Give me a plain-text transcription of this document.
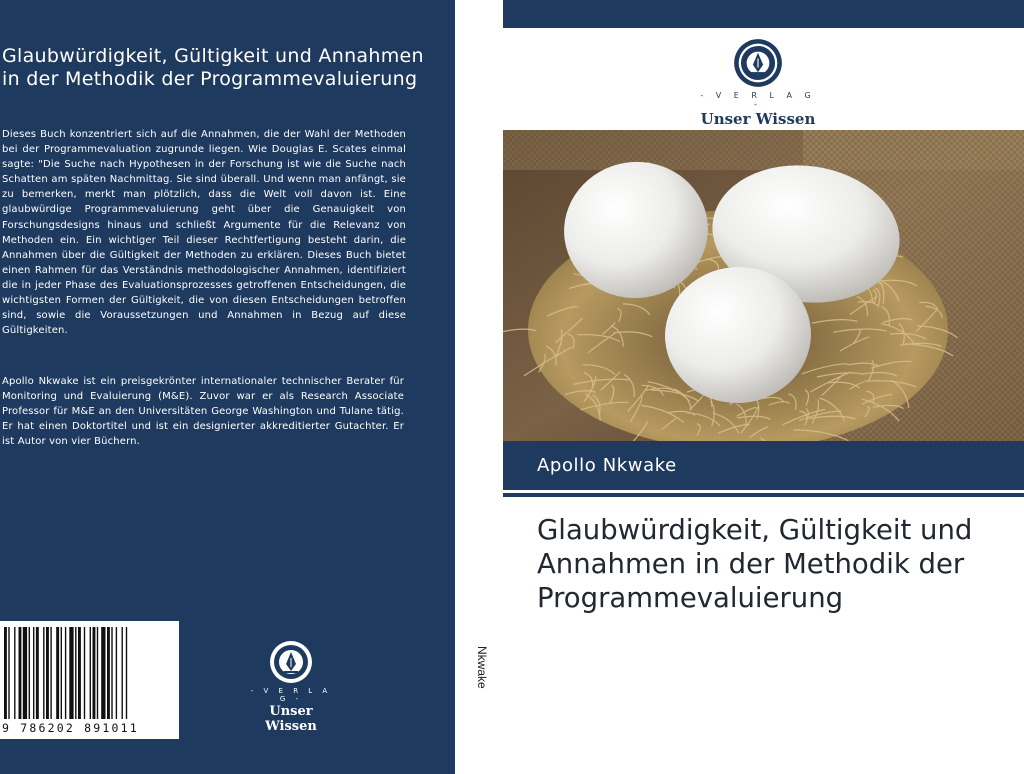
Glaubwürdigkeit, Gültigkeit und Annahmen in der Methodik der Programmevaluierung

Dieses Buch konzentriert sich auf die Annahmen, die der Wahl der Methoden bei der Programmevaluation zugrunde liegen. Wie Douglas E. Scates einmal sagte: "Die Suche nach Hypothesen in der Forschung ist wie die Suche nach Schatten am späten Nachmittag. Sie sind überall. Und wenn man anfängt, sie zu bemerken, merkt man plötzlich, dass die Welt voll davon ist. Eine glaubwürdige Programmevaluierung geht über die Genauigkeit von Forschungsdesigns hinaus und schließt Argumente für die Relevanz von Methoden ein. Ein wichtiger Teil dieser Rechtfertigung besteht darin, die Annahmen über die Gültigkeit der Methoden zu erklären. Dieses Buch bietet einen Rahmen für das Verständnis methodologischer Annahmen, identifiziert die in jeder Phase des Evaluationsprozesses getroffenen Entscheidungen, die wichtigsten Formen der Gültigkeit, die von diesen Entscheidungen betroffen sind, sowie die Voraussetzungen und Annahmen in Bezug auf diese Gültigkeiten.

Apollo Nkwake ist ein preisgekrönter internationaler technischer Berater für Monitoring und Evaluierung (M&E). Zuvor war er als Research Associate Professor für M&E an den Universitäten George Washington und Tulane tätig. Er hat einen Doktortitel und ist ein designierter akkreditierter Gutachter. Er ist Autor von vier Büchern.

9 786202 891011
- V E R L A G -
Unser Wissen
Nkwake
- V E R L A G -
Unser Wissen
Apollo Nkwake
Glaubwürdigkeit, Gültigkeit und Annahmen in der Methodik der Programmevaluierung
